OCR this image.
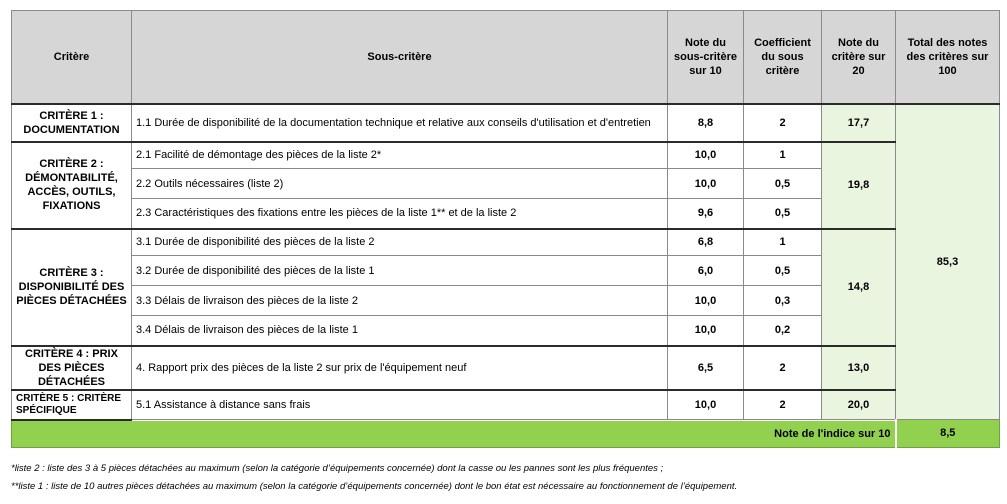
Critère	Sous-critère	Note du sous-critère sur 10	Coefficient du sous critère	Note du critère sur 20	Total des notes des critères sur 100
CRITÈRE 1 : DOCUMENTATION	1.1 Durée de disponibilité de la documentation technique et relative aux conseils d'utilisation et d'entretien	8,8	2	17,7	85,3
CRITÈRE 2 : DÉMONTABILITÉ, ACCÈS, OUTILS, FIXATIONS	2.1 Facilité de démontage des pièces de la liste 2*	10,0	1	19,8	
	2.2 Outils nécessaires (liste 2)	10,0	0,5		
	2.3 Caractéristiques des fixations entre les pièces de la liste 1** et de la liste 2	9,6	0,5		
CRITÈRE 3 : DISPONIBILITÉ DES PIÈCES DÉTACHÉES	3.1 Durée de disponibilité des pièces de la liste 2	6,8	1	14,8	
	3.2 Durée de disponibilité des pièces de la liste 1	6,0	0,5		
	3.3 Délais de livraison des pièces de la liste 2	10,0	0,3		
	3.4 Délais de livraison des pièces de la liste 1	10,0	0,2		
CRITÈRE 4 : PRIX DES PIÈCES DÉTACHÉES	4. Rapport prix des pièces de la liste 2 sur prix de l'équipement neuf	6,5	2	13,0	
CRITÈRE 5 : CRITÈRE SPÉCIFIQUE	5.1 Assistance à distance sans frais	10,0	2	20,0	
Note de l'indice sur 10					8,5
*liste 2 : liste des 3 à 5 pièces détachées au maximum (selon la catégorie d’équipements concernée) dont la casse ou les pannes sont les plus fréquentes ;
**liste 1 : liste de 10 autres pièces détachées au maximum (selon la catégorie d’équipements concernée) dont le bon état est nécessaire au fonctionnement de l’équipement.
